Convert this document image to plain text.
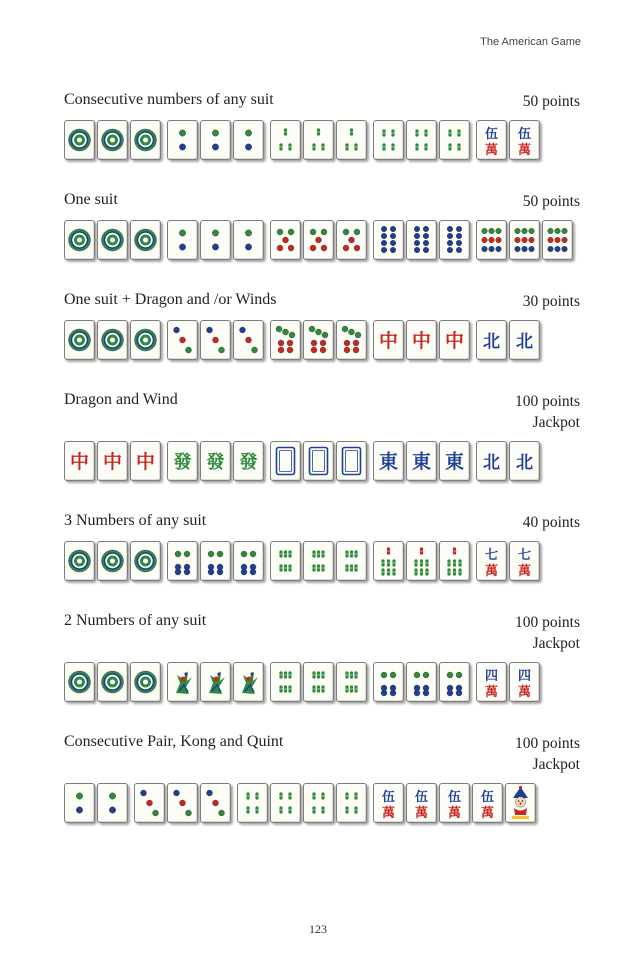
The American Game
Consecutive numbers of any suit	50 points
伍
萬
伍
萬
One suit	50 points
One suit + Dragon and /or Winds	30 points
中 中 中 北 北
Dragon and Wind	100 points
Jackpot
中 中 中 發 發 發	東 東 東 北 北
3 Numbers of any suit	40 points
七
萬
七
萬
2 Numbers of any suit	100 points
Jackpot
四
萬
四
萬
Consecutive Pair, Kong and Quint	100 points
Jackpot
伍
萬
伍
萬
伍
萬
伍
萬
123
